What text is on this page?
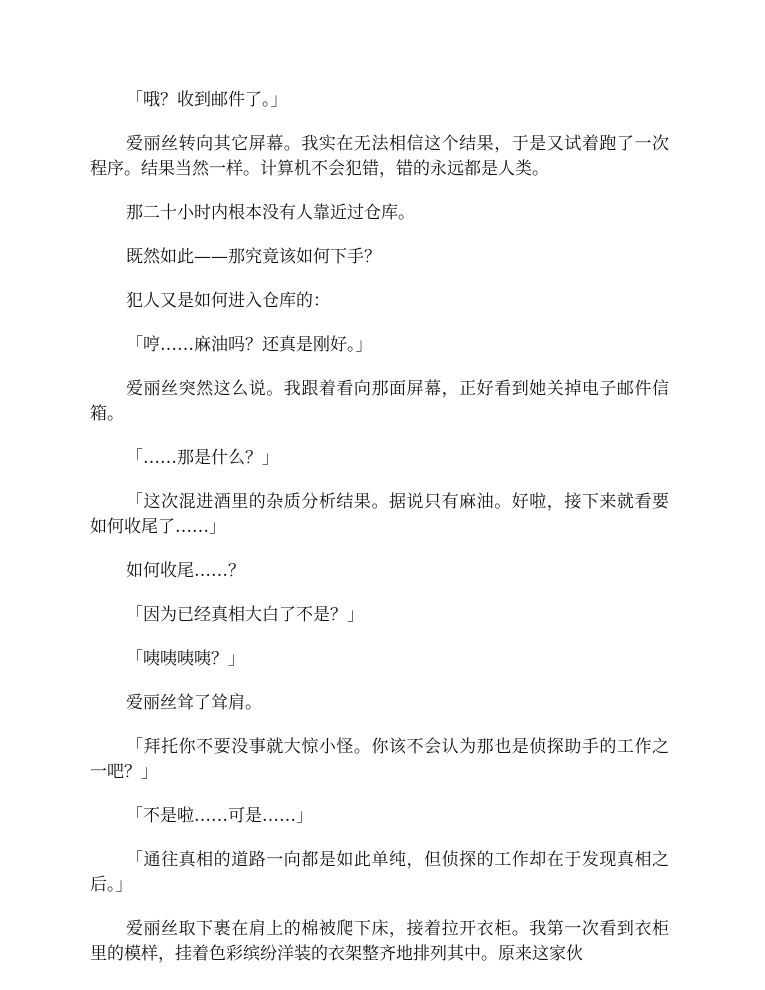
「哦？收到邮件了。」

爱丽丝转向其它屏幕。我实在无法相信这个结果，于是又试着跑了一次程序。结果当然一样。计算机不会犯错，错的永远都是人类。

那二十小时内根本没有人靠近过仓库。

既然如此——那究竟该如何下手？

犯人又是如何进入仓库的：

「哼……麻油吗？还真是刚好。」

爱丽丝突然这么说。我跟着看向那面屏幕，正好看到她关掉电子邮件信箱。

「……那是什么？」

「这次混进酒里的杂质分析结果。据说只有麻油。好啦，接下来就看要如何收尾了……」

如何收尾……？

「因为已经真相大白了不是？」

「咦咦咦咦？」

爱丽丝耸了耸肩。

「拜托你不要没事就大惊小怪。你该不会认为那也是侦探助手的工作之一吧？」

「不是啦……可是……」

「通往真相的道路一向都是如此单纯，但侦探的工作却在于发现真相之后。」

爱丽丝取下裹在肩上的棉被爬下床，接着拉开衣柜。我第一次看到衣柜里的模样，挂着色彩缤纷洋装的衣架整齐地排列其中。原来这家伙
